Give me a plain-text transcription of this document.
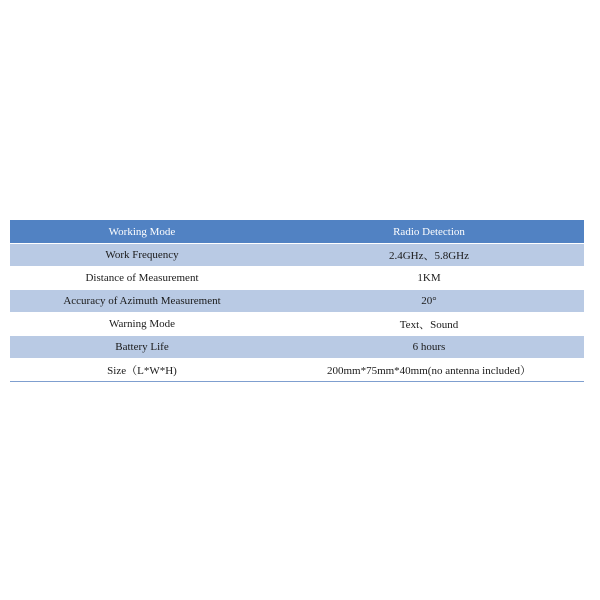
Working Mode	Radio Detection
Work Frequency	2.4GHz、5.8GHz
Distance of Measurement	1KM
Accuracy of Azimuth Measurement	20°
Warning Mode	Text、Sound
Battery Life	6 hours
Size（L*W*H)	200mm*75mm*40mm(no antenna included）
